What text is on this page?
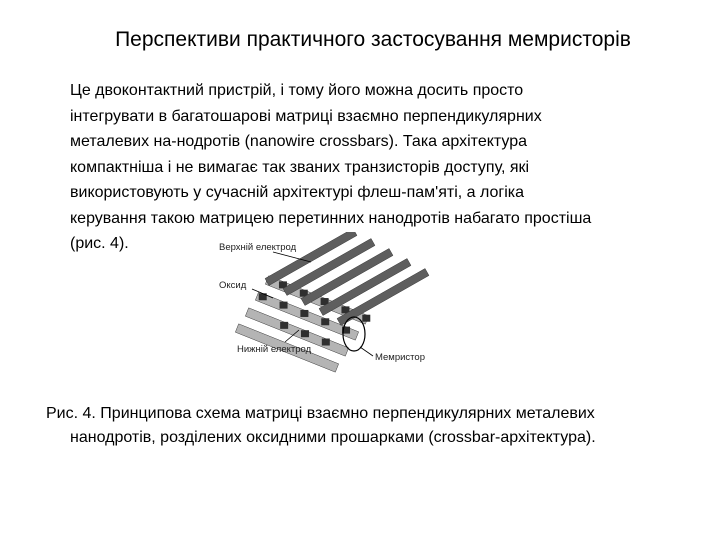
Перспективи практичного застосування мемристорів
Це двоконтактний пристрій, і тому його можна досить просто
інтегрувати в багатошарові матриці взаємно перпендикулярних
металевих на-нодротів (nanowire crossbars). Така архітектура
компактніша і не вимагає так званих транзисторів доступу, які
використовують у сучасній архітектурі флеш-пам'яті, а логіка
керування такою матрицею перетинних нанодротів набагато простіша
(рис. 4).	Верхній електрод
Оксид
Нижній електрод
Мемристор
Рис. 4. Принципова схема матриці взаємно перпендикулярних металевих
нанодротів, розділених оксидними прошарками (crossbar-архітектура).
